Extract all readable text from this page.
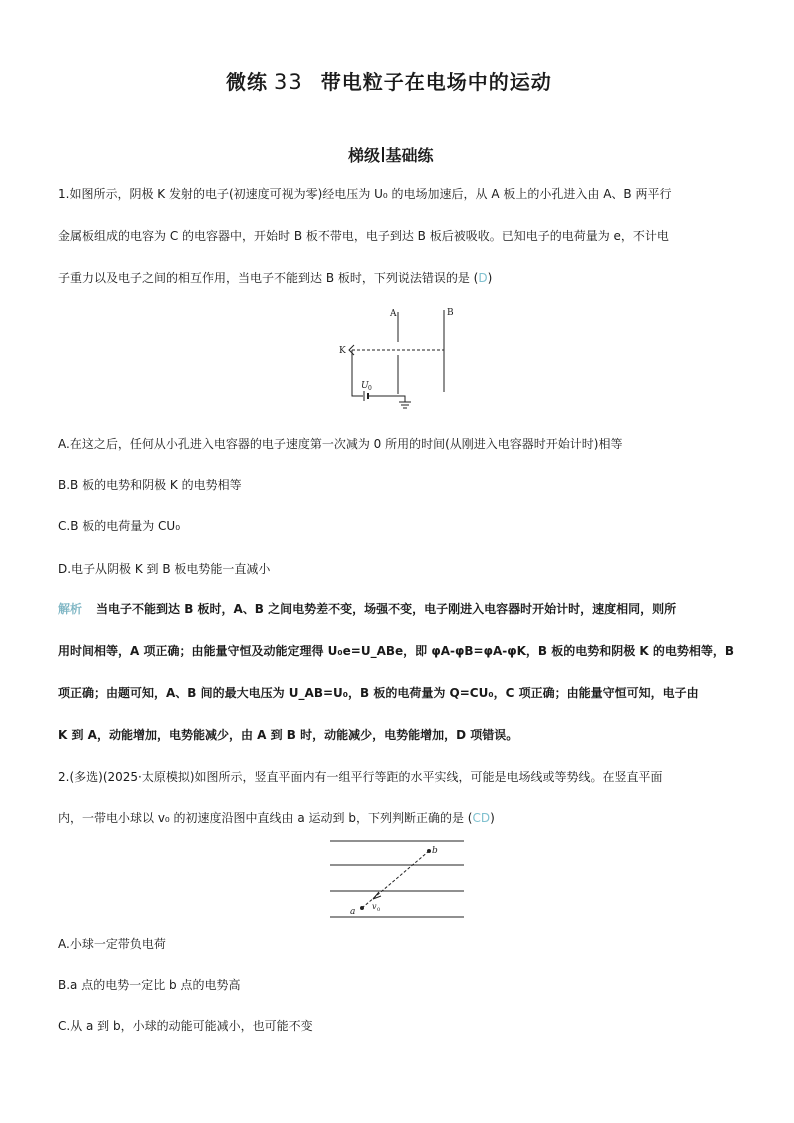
微练 33 带电粒子在电场中的运动
梯级 基础练
1.如图所示，阴极 K 发射的电子(初速度可视为零)经电压为 U₀ 的电场加速后，从 A 板上的小孔进入由 A、B 两平行
金属板组成的电容为 C 的电容器中，开始时 B 板不带电，电子到达 B 板后被吸收。已知电子的电荷量为 e，不计电
子重力以及电子之间的相互作用，当电子不能到达 B 板时，下列说法错误的是 (D)
A	B
K
U 0
A.在这之后，任何从小孔进入电容器的电子速度第一次减为 0 所用的时间(从刚进入电容器时开始计时)相等
B.B 板的电势和阴极 K 的电势相等
C.B 板的电荷量为 CU₀
D.电子从阴极 K 到 B 板电势能一直减小
解析 当电子不能到达 B 板时，A、B 之间电势差不变，场强不变，电子刚进入电容器时开始计时，速度相同，则所
用时间相等，A 项正确；由能量守恒及动能定理得 U₀e=U_ABe，即 φA-φB=φA-φK，B 板的电势和阴极 K 的电势相等，B
项正确；由题可知，A、B 间的最大电压为 U_AB=U₀，B 板的电荷量为 Q=CU₀，C 项正确；由能量守恒可知，电子由
K 到 A，动能增加，电势能减少，由 A 到 B 时，动能减少，电势能增加，D 项错误。
2.(多选)(2025·太原模拟)如图所示，竖直平面内有一组平行等距的水平实线，可能是电场线或等势线。在竖直平面
内，一带电小球以 v₀ 的初速度沿图中直线由 a 运动到 b，下列判断正确的是 (CD)
a
b
v 0
A.小球一定带负电荷
B.a 点的电势一定比 b 点的电势高
C.从 a 到 b，小球的动能可能减小，也可能不变
